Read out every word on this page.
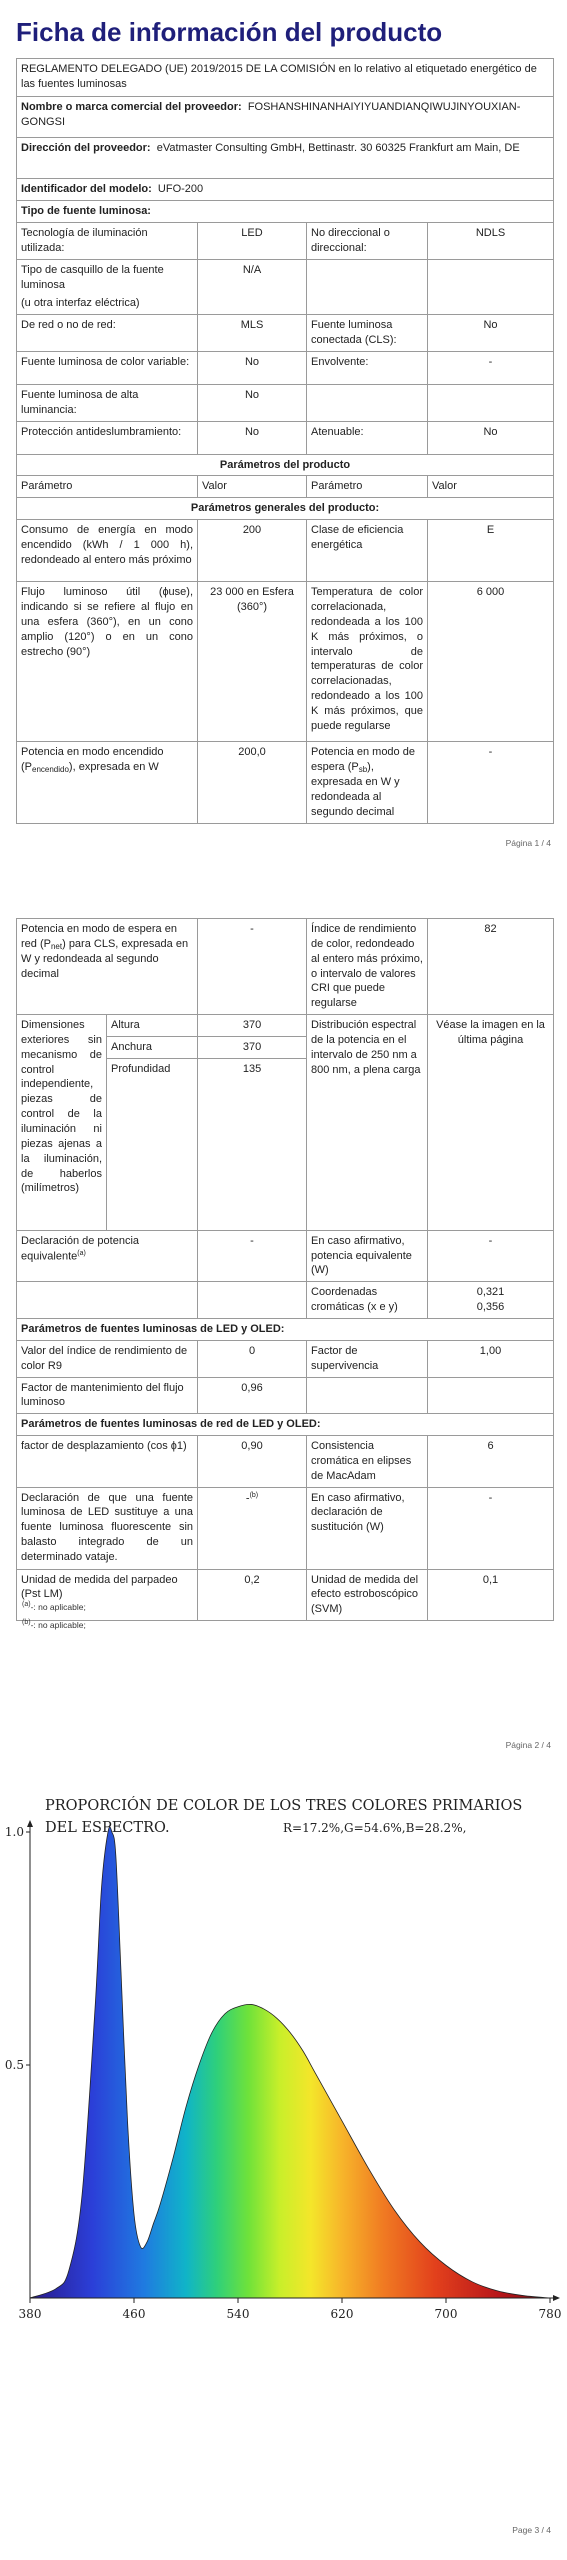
Ficha de información del producto
REGLAMENTO DELEGADO (UE) 2019/2015 DE LA COMISIÓN en lo relativo al etiquetado energético de las fuentes luminosas			
Nombre o marca comercial del proveedor: FOSHANSHINANHAIYIYUANDIANQIWUJINYOUXIAN-GONGSI			
Dirección del proveedor: eVatmaster Consulting GmbH, Bettinastr. 30 60325 Frankfurt am Main, DE			
Identificador del modelo: UFO-200			
Tipo de fuente luminosa:			
Tecnología de iluminación utilizada:	LED	No direccional o direccional:	NDLS

Tipo de casquillo de la fuente luminosa
(u otra interfaz eléctrica)	N/A		
De red o no de red:	MLS	Fuente luminosa conectada (CLS):	No
Fuente luminosa de color variable:	No	Envolvente:	-
Fuente luminosa de alta luminancia:	No		
Protección antideslumbramiento:	No	Atenuable:	No
Parámetros del producto			
Parámetro	Valor	Parámetro	Valor
Parámetros generales del producto:			
Consumo de energía en modo encendido (kWh / 1 000 h), redondeado al entero más próximo	200	Clase de eficiencia energética	E
Flujo luminoso útil (ɸuse), indicando si se refiere al flujo en una esfera (360°), en un cono amplio (120°) o en un cono estrecho (90°)	23 000 en Esfera (360°)	Temperatura de color correlacionada, redondeada a los 100 K más próximos, o intervalo de temperaturas de color correlacionadas, redondeado a los 100 K más próximos, que puede regularse	6 000
Potencia en modo encendido (Pencendido), expresada en W	200,0	Potencia en modo de espera (Psb), expresada en W y redondeada al segundo decimal	-
Página 1 / 4
Potencia en modo de espera en red (Pnet) para CLS, expresada en W y redondeada al segundo decimal		-	Índice de rendimiento de color, redondeado al entero más próximo, o intervalo de valores CRI que puede regularse	82
Dimensiones exteriores sin mecanismo de control independiente, piezas de control de la iluminación ni piezas ajenas a la iluminación, de haberlos (milímetros)	Altura	370	Distribución espectral de la potencia en el intervalo de 250 nm a 800 nm, a plena carga	Véase la imagen en la última página
	Anchura	370		
	Profundidad	135		
Declaración de potencia equivalente$^{(a)}$		-	En caso afirmativo, potencia equivalente (W)	-
			Coordenadas cromáticas (x e y)	0,321
0,356

Parámetros de fuentes luminosas de LED y OLED:				
Valor del índice de rendimiento de color R9		0	Factor de supervivencia	1,00
Factor de mantenimiento del flujo luminoso		0,96		
Parámetros de fuentes luminosas de red de LED y OLED:				
factor de desplazamiento (cos ɸ1)		0,90	Consistencia cromática en elipses de MacAdam	6
Declaración de que una fuente luminosa de LED sustituye a una fuente luminosa fluorescente sin balasto integrado de un determinado vataje.		-$^{(b)}$	En caso afirmativo, declaración de sustitución (W)	-
Unidad de medida del parpadeo (Pst LM)		0,2	Unidad de medida del efecto estroboscópico (SVM)	0,1
$^{(a)}$-: no aplicable;
$^{(b)}$-: no aplicable;
Página 2 / 4
PROPORCIÓN DE COLOR DE LOS TRES COLORES PRIMARIOS
DEL ESPECTRO.	R=17.2%,G=54.6%,B=28.2%,
380	460	540	620	700	780
1.0
0.5
Page 3 / 4
